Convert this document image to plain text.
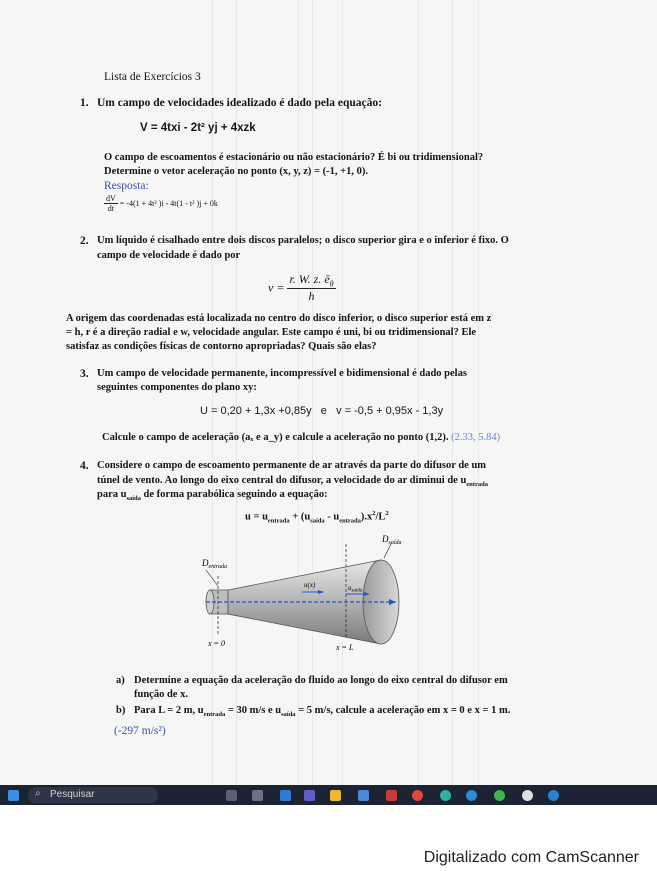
Lista de Exercícios 3
1. Um campo de velocidades idealizado é dado pela equação:
V = 4txi - 2t² yj + 4xzk
O campo de escoamentos é estacionário ou não estacionário? É bi ou tridimensional?
Determine o vetor aceleração no ponto (x, y, z) = (-1, +1, 0).
Resposta:
$\frac{dV}{dt} = -4(1 + 4t^2$ )i - 4t(1 - t² )j + 0k
2. Um líquido é cisalhado entre dois discos paralelos; o disco superior gira e o inferior é fixo. O
campo de velocidade é dado por
$v = \frac{r. W. z. ē_\theta}{h}$
A origem das coordenadas está localizada no centro do disco inferior, o disco superior está em z
= h, r é a direção radial e w, velocidade angular. Este campo é uni, bi ou tridimensional? Ele
satisfaz as condições físicas de contorno apropriadas? Quais são elas?
3. Um campo de velocidade permanente, incompressível e bidimensional é dado pelas
seguintes componentes do plano xy:
U = 0,20 + 1,3x +0,85y e v = -0,5 + 0,95x - 1,3y
Calcule o campo de aceleração (aₓ e a_y) e calcule a aceleração no ponto (1,2). (2.33, 5.84)
4. Considere o campo de escoamento permanente de ar através da parte do difusor de um
túnel de vento. Ao longo do eixo central do difusor, a velocidade do ar diminui de $u_{entrada}$
para $u_{saída}$ de forma parabólica seguindo a equação:
$u = u_{entrada} + (u_{saída} - u_{entrada}).x^2/L^2$
$D_{entrada}$
$D_{saída}$
u(x)	$u_{saída}$
x = 0	x = L
a) Determine a equação da aceleração do fluido ao longo do eixo central do difusor em
função de x.
b) Para L = 2 m, $u_{entrada} = 30$ m/s e $u_{saída} = 5$ m/s, calcule a aceleração em x = 0 e x = 1 m.
(-297 m/s²)
⌕ Pesquisar
Digitalizado com CamScanner
